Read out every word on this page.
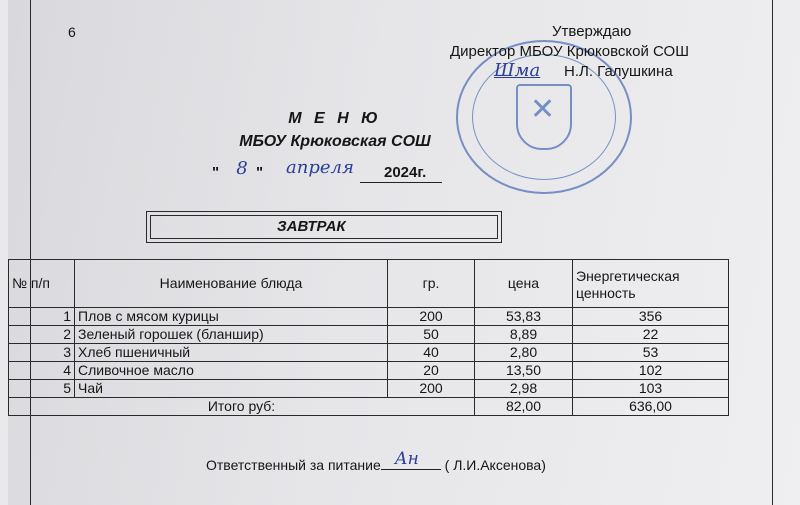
6
✕	Утверждаю
Директор МБОУ Крюковской СОШ
Н.Л. Галушкина
Шма
М Е Н Ю
МБОУ Крюковская СОШ
" 8 "	апреля	2024г.
ЗАВТРАК
№ п/п	Наименование блюда	гр.	цена	Энергетическая ценность
1	Плов с мясом курицы	200	53,83	356
2	Зеленый горошек (бланшир)	50	8,89	22
3	Хлеб пшеничный	40	2,80	53
4	Сливочное масло	20	13,50	102
5	Чай	200	2,98	103
Итого руб:			82,00	636,00
Ответственный за питание Ан ( Л.И.Аксенова)
